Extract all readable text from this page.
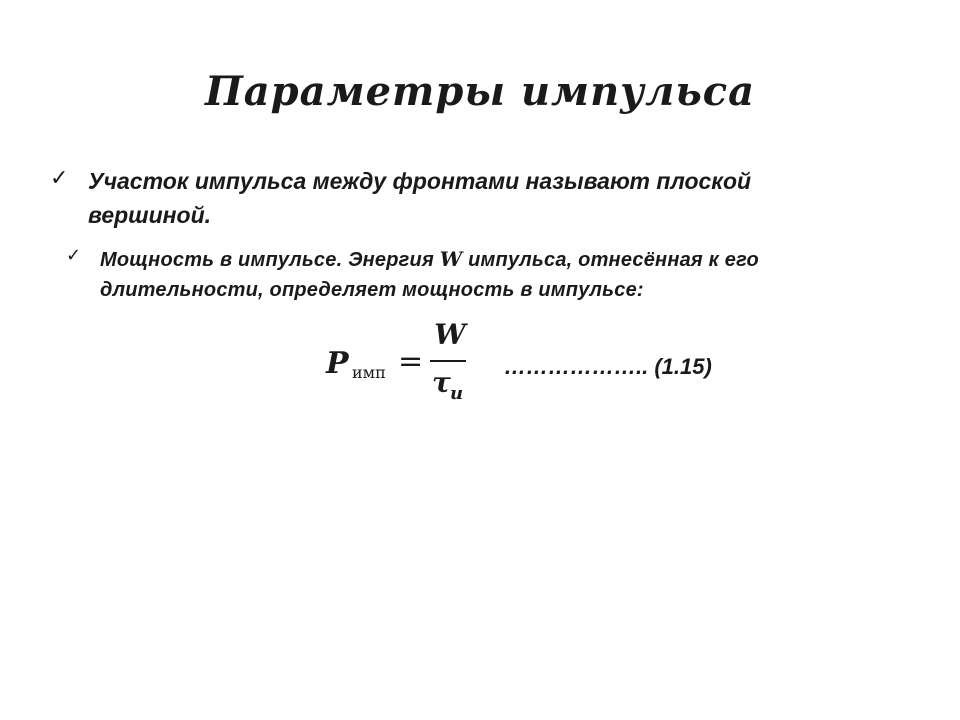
Параметры импульса
✓ Участок импульса между фронтами называют плоской вершиной.
✓ Мощность в импульсе. Энергия W импульса, отнесённая к его длительности, определяет мощность в импульсе:
P имп =
W
τ u
……………….. (1.15)
